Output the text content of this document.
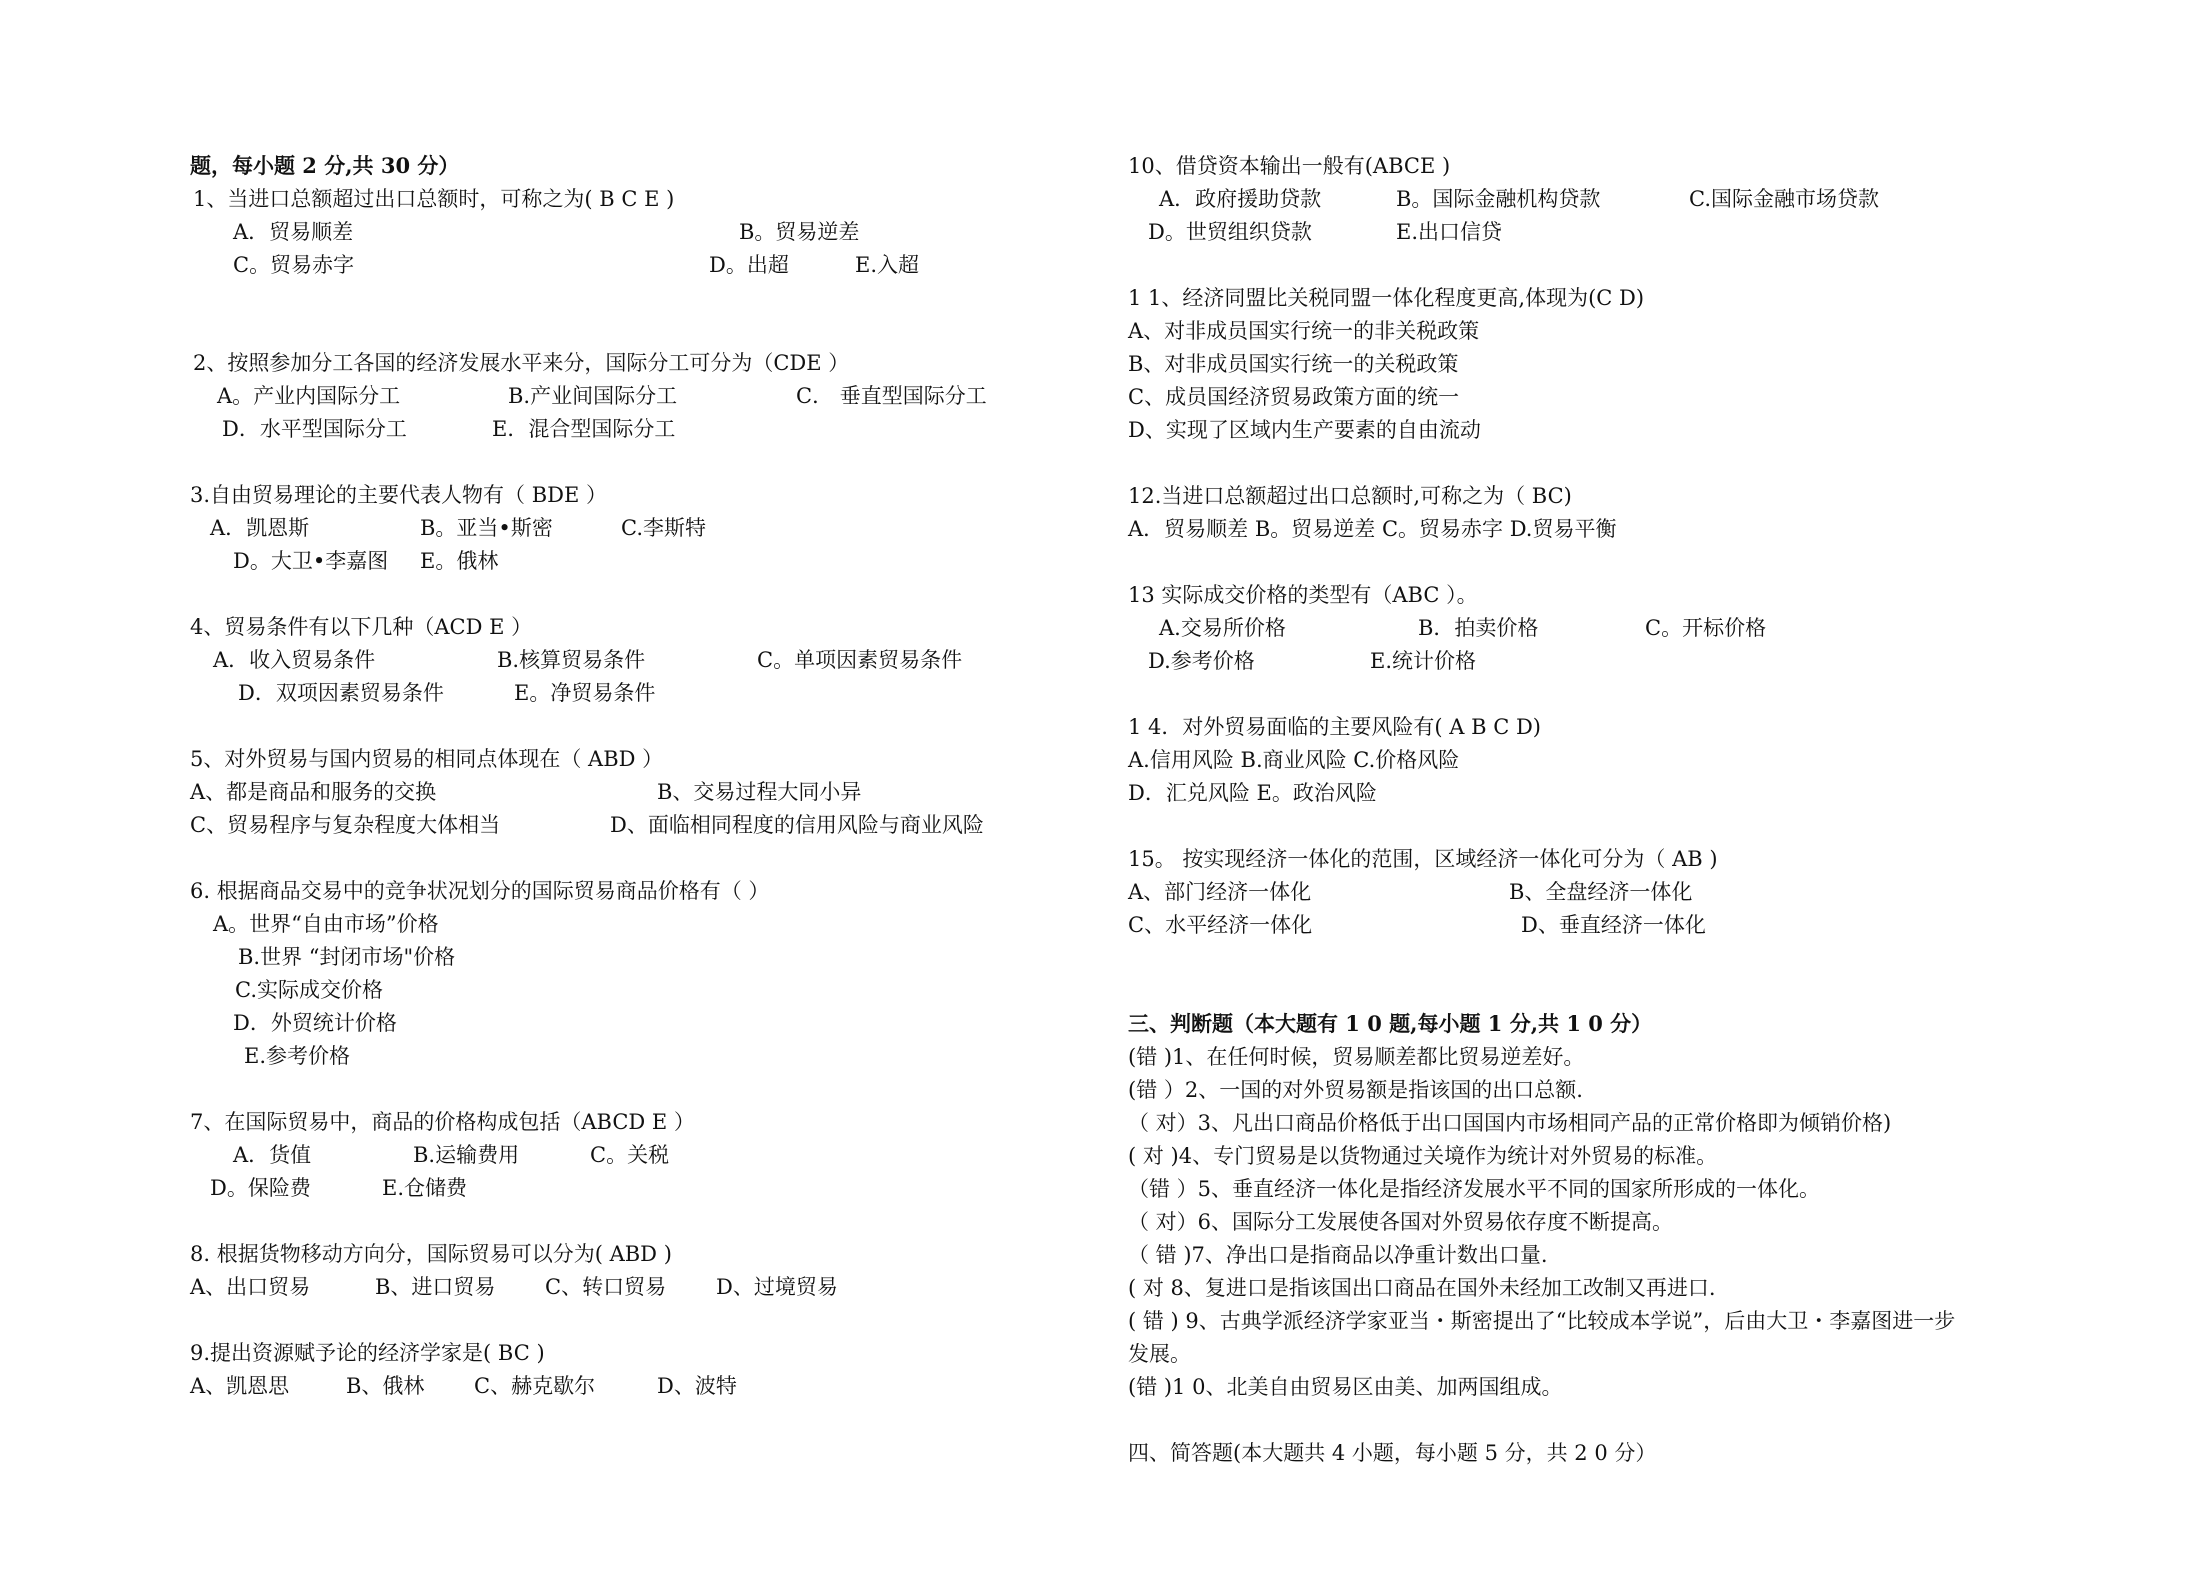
题，每小题 2 分,共 30 分）
1、当进口总额超过出口总额时，可称之为( B C E )
A．贸易顺差	B。贸易逆差
C。贸易赤字	D。出超	E.入超
2、按照参加分工各国的经济发展水平来分，国际分工可分为（CDE ）
A。产业内国际分工	B.产业间国际分工	C． 垂直型国际分工
D．水平型国际分工	E．混合型国际分工
3.自由贸易理论的主要代表人物有（ BDE ）
A．凯恩斯	B。亚当•斯密	C.李斯特
D。大卫•李嘉图 E。俄林
4、贸易条件有以下几种（ACD E ）
A．收入贸易条件	B.核算贸易条件	C。单项因素贸易条件
D．双项因素贸易条件	E。净贸易条件
5、对外贸易与国内贸易的相同点体现在（ ABD ）
A、都是商品和服务的交换	B、交易过程大同小异
C、贸易程序与复杂程度大体相当	D、面临相同程度的信用风险与商业风险
6. 根据商品交易中的竞争状况划分的国际贸易商品价格有（ ）
A。世界“自由市场”价格
B.世界 “封闭市场"价格
C.实际成交价格
D．外贸统计价格
E.参考价格
7、在国际贸易中，商品的价格构成包括（ABCD E ）
A．货值	B.运输费用	C。关税
D。保险费	E.仓储费
8. 根据货物移动方向分，国际贸易可以分为( ABD )
A、出口贸易	B、进口贸易 C、转口贸易 D、过境贸易
9.提出资源赋予论的经济学家是( BC )
A、凯恩思	B、俄林 C、赫克歇尔	D、波特
10、借贷资本输出一般有(ABCE )
A．政府援助贷款	B。国际金融机构贷款	C.国际金融市场贷款
D。世贸组织贷款	E.出口信贷
1 1、经济同盟比关税同盟一体化程度更高,体现为(C D)
A、对非成员国实行统一的非关税政策
B、对非成员国实行统一的关税政策
C、成员国经济贸易政策方面的统一
D、实现了区域内生产要素的自由流动
12.当进口总额超过出口总额时,可称之为（ BC)
A．贸易顺差 B。贸易逆差 C。贸易赤字 D.贸易平衡
13 实际成交价格的类型有（ABC ）。
A.交易所价格	B．拍卖价格	C。开标价格
D.参考价格	E.统计价格
1 4．对外贸易面临的主要风险有( A B C D)
A.信用风险 B.商业风险 C.价格风险
D．汇兑风险 E。政治风险
15。 按实现经济一体化的范围，区域经济一体化可分为（ AB )
A、部门经济一体化	B、全盘经济一体化
C、水平经济一体化	D、垂直经济一体化
三、判断题（本大题有 1 0 题,每小题 1 分,共 1 0 分）
(错 )1、在任何时候，贸易顺差都比贸易逆差好。
(错 ）2、一国的对外贸易额是指该国的出口总额.
（ 对）3、凡出口商品价格低于出口国国内市场相同产品的正常价格即为倾销价格)
( 对 )4、专门贸易是以货物通过关境作为统计对外贸易的标准。
（错 ）5、垂直经济一体化是指经济发展水平不同的国家所形成的一体化。
（ 对）6、国际分工发展使各国对外贸易依存度不断提高。
（ 错 )7、净出口是指商品以净重计数出口量.
( 对 8、复进口是指该国出口商品在国外未经加工改制又再进口.
( 错 ) 9、古典学派经济学家亚当・斯密提出了“比较成本学说”，后由大卫・李嘉图进一步
发展。
(错 )1 0、北美自由贸易区由美、加两国组成。
四、简答题(本大题共 4 小题，每小题 5 分，共 2 0 分）
